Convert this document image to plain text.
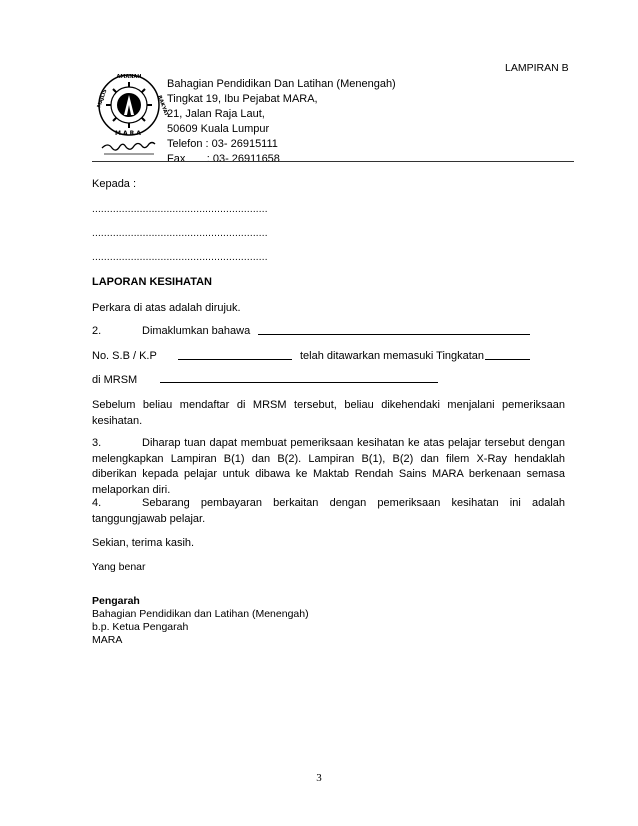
LAMPIRAN B
AMANAH
MAJLIS	RAKYAT
MARA
Bahagian Pendidikan Dan Latihan (Menengah)
Tingkat 19, Ibu Pejabat MARA,
21, Jalan Raja Laut,
50609 Kuala Lumpur
Telefon : 03- 26915111
Fax       : 03- 26911658
Kepada :
...........................................................
...........................................................
...........................................................
LAPORAN KESIHATAN
Perkara di atas adalah dirujuk.
2.	Dimaklumkan bahawa
No. S.B / K.P	telah ditawarkan memasuki Tingkatan
di MRSM
Sebelum beliau mendaftar di MRSM tersebut, beliau dikehendaki menjalani pemeriksaan kesihatan.
3.	Diharap tuan dapat membuat pemeriksaan kesihatan ke atas pelajar tersebut dengan melengkapkan Lampiran B(1) dan B(2). Lampiran B(1), B(2) dan filem X-Ray hendaklah diberikan kepada pelajar untuk dibawa ke Maktab Rendah Sains MARA berkenaan semasa melaporkan diri.
4.	Sebarang pembayaran berkaitan dengan pemeriksaan kesihatan ini adalah tanggungjawab pelajar.
Sekian, terima kasih.
Yang benar
Pengarah
Bahagian Pendidikan dan Latihan (Menengah)
b.p. Ketua Pengarah
MARA
3
